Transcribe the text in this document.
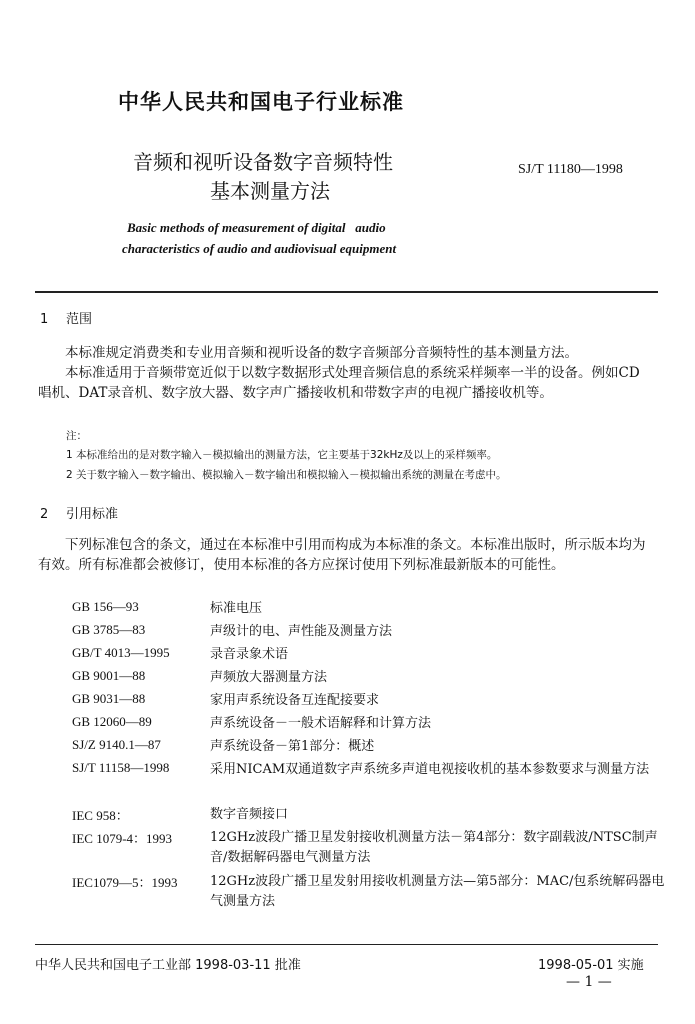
中华人民共和国电子行业标准
音频和视听设备数字音频特性
基本测量方法
SJ/T 11180—1998
Basic methods of measurement of digital   audio
characteristics of audio and audiovisual equipment
1 范围

本标准规定消费类和专业用音频和视听设备的数字音频部分音频特性的基本测量方法。

本标准适用于音频带宽近似于以数字数据形式处理音频信息的系统采样频率一半的设备。例如CD唱机、DAT录音机、数字放大器、数字声广播接收机和带数字声的电视广播接收机等。

注：
1 本标准给出的是对数字输入－模拟输出的测量方法，它主要基于32kHz及以上的采样频率。
2 关于数字输入－数字输出、模拟输入－数字输出和模拟输入－模拟输出系统的测量在考虑中。
2 引用标准

下列标准包含的条文，通过在本标准中引用而构成为本标准的条文。本标准出版时，所示版本均为有效。所有标准都会被修订，使用本标准的各方应探讨使用下列标准最新版本的可能性。

GB 156—93	标准电压
GB 3785—83	声级计的电、声性能及测量方法
GB/T 4013—1995	录音录象术语
GB 9001—88	声频放大器测量方法
GB 9031—88	家用声系统设备互连配接要求
GB 12060—89	声系统设备－一般术语解释和计算方法
SJ/Z 9140.1—87	声系统设备－第1部分：概述
SJ/T 11158—1998	采用NICAM双通道数字声系统多声道电视接收机的基本参数要求与测量方法
IEC 958：	数字音频接口
IEC 1079-4：1993	12GHz波段广播卫星发射接收机测量方法－第4部分：数字副载波/NTSC制声音/数据解码器电气测量方法
IEC1079—5：1993	12GHz波段广播卫星发射用接收机测量方法—第5部分：MAC/包系统解码器电气测量方法
中华人民共和国电子工业部 1998-03-11 批准	1998-05-01 实施
— 1 —
